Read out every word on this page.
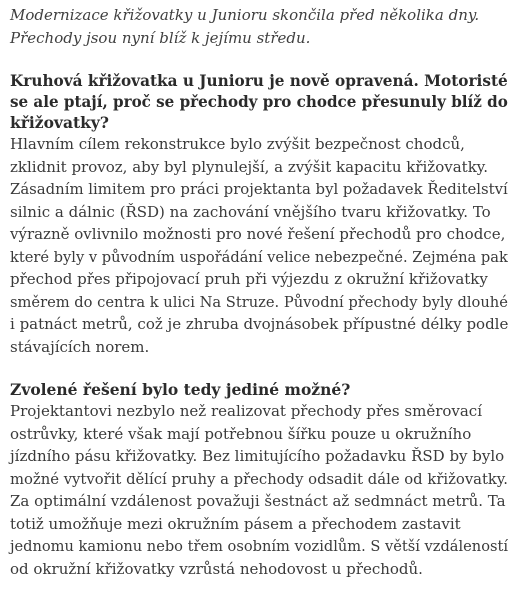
Modernizace křižovatky u Junioru skončila před několika dny.
Přechody jsou nyní blíž k jejímu středu.

Kruhová křižovatka u Junioru je nově opravená. Motoristé
se ale ptají, proč se přechody pro chodce přesunuly blíž do
křižovatky?

Hlavním cílem rekonstrukce bylo zvýšit bezpečnost chodců,
zklidnit provoz, aby byl plynulejší, a zvýšit kapacitu křižovatky.
Zásadním limitem pro práci projektanta byl požadavek Ředitelství
silnic a dálnic (ŘSD) na zachování vnějšího tvaru křižovatky. To
výrazně ovlivnilo možnosti pro nové řešení přechodů pro chodce,
které byly v původním uspořádání velice nebezpečné. Zejména pak
přechod přes připojovací pruh při výjezdu z okružní křižovatky
směrem do centra k ulici Na Struze. Původní přechody byly dlouhé
i patnáct metrů, což je zhruba dvojnásobek přípustné délky podle
stávajících norem.

Zvolené řešení bylo tedy jediné možné?

Projektantovi nezbylo než realizovat přechody přes směrovací
ostrůvky, které však mají potřebnou šířku pouze u okružního
jízdního pásu křižovatky. Bez limitujícího požadavku ŘSD by bylo
možné vytvořit dělící pruhy a přechody odsadit dále od křižovatky.
Za optimální vzdálenost považuji šestnáct až sedmnáct metrů. Ta
totiž umožňuje mezi okružním pásem a přechodem zastavit
jednomu kamionu nebo třem osobním vozidlům. S větší vzdáleností
od okružní křižovatky vzrůstá nehodovost u přechodů.
